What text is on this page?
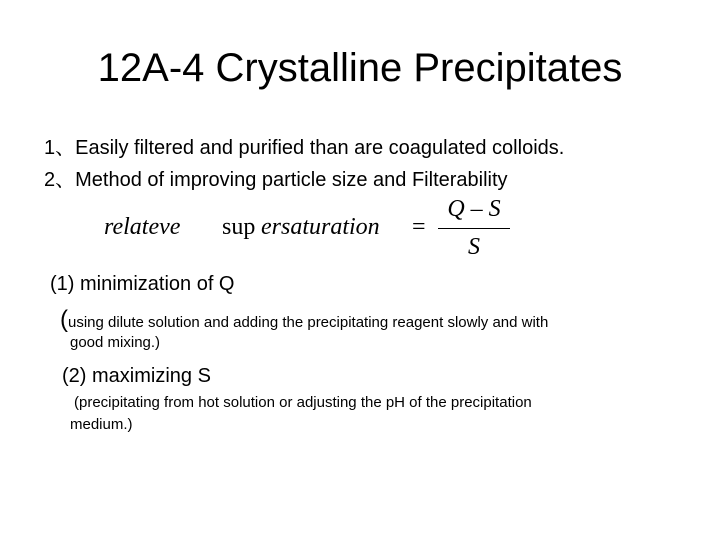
12A-4 Crystalline Precipitates
1、Easily filtered and purified than are coagulated colloids.
2、Method of improving particle size and Filterability
relateve sup ersaturation =
Q – S
S
(1) minimization of Q
(using dilute solution and adding the precipitating reagent slowly and with
good mixing.)
(2) maximizing S
(precipitating from hot solution or adjusting the pH of the precipitation
medium.)
